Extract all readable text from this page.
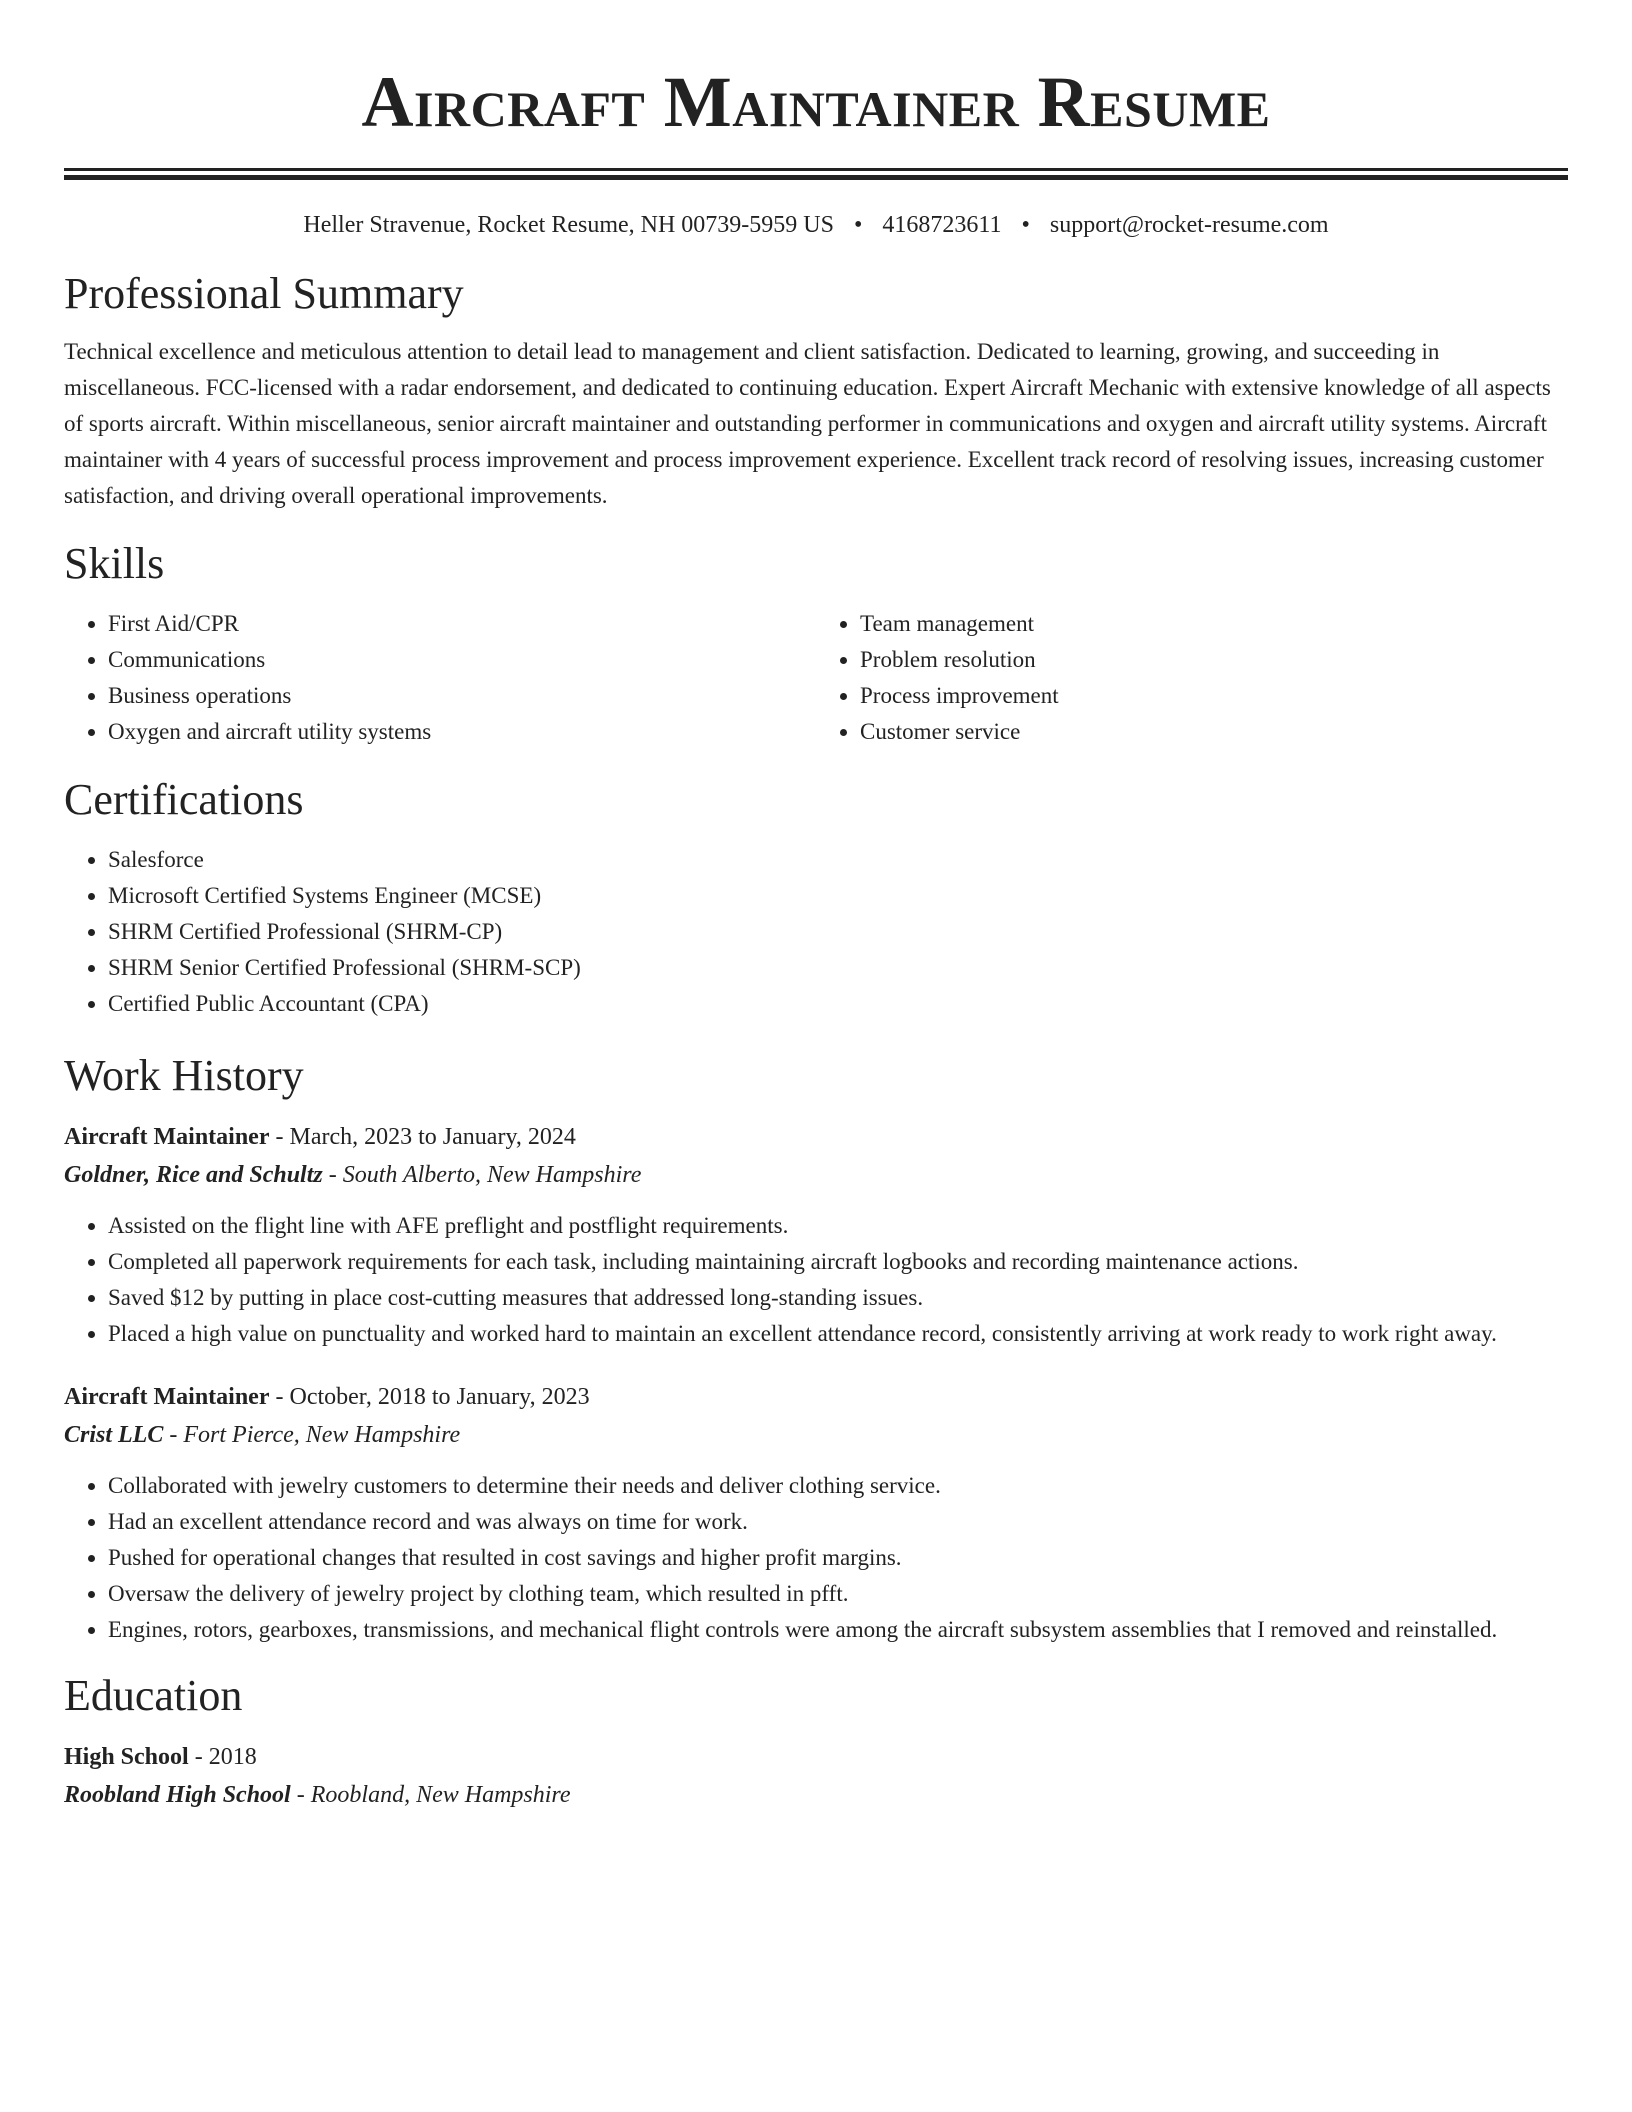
Aircraft Maintainer Resume
Heller Stravenue, Rocket Resume, NH 00739-5959 US • 4168723611 • support@rocket-resume.com
Professional Summary

Technical excellence and meticulous attention to detail lead to management and client satisfaction. Dedicated to learning, growing, and succeeding in miscellaneous. FCC-licensed with a radar endorsement, and dedicated to continuing education. Expert Aircraft Mechanic with extensive knowledge of all aspects of sports aircraft. Within miscellaneous, senior aircraft maintainer and outstanding performer in communications and oxygen and aircraft utility systems. Aircraft maintainer with 4 years of successful process improvement and process improvement experience. Excellent track record of resolving issues, increasing customer satisfaction, and driving overall operational improvements.

Skills
• First Aid/CPR
• Communications
• Business operations
• Oxygen and aircraft utility systems
• Team management
• Problem resolution
• Process improvement
• Customer service
Certifications
• Salesforce
• Microsoft Certified Systems Engineer (MCSE)
• SHRM Certified Professional (SHRM-CP)
• SHRM Senior Certified Professional (SHRM-SCP)
• Certified Public Accountant (CPA)
Work History
Aircraft Maintainer - March, 2023 to January, 2024
Goldner, Rice and Schultz - South Alberto, New Hampshire
• Assisted on the flight line with AFE preflight and postflight requirements.
• Completed all paperwork requirements for each task, including maintaining aircraft logbooks and recording maintenance actions.
• Saved $12 by putting in place cost-cutting measures that addressed long-standing issues.
• Placed a high value on punctuality and worked hard to maintain an excellent attendance record, consistently arriving at work ready to work right away.
Aircraft Maintainer - October, 2018 to January, 2023
Crist LLC - Fort Pierce, New Hampshire
• Collaborated with jewelry customers to determine their needs and deliver clothing service.
• Had an excellent attendance record and was always on time for work.
• Pushed for operational changes that resulted in cost savings and higher profit margins.
• Oversaw the delivery of jewelry project by clothing team, which resulted in pfft.
• Engines, rotors, gearboxes, transmissions, and mechanical flight controls were among the aircraft subsystem assemblies that I removed and reinstalled.
Education
High School - 2018
Roobland High School - Roobland, New Hampshire
